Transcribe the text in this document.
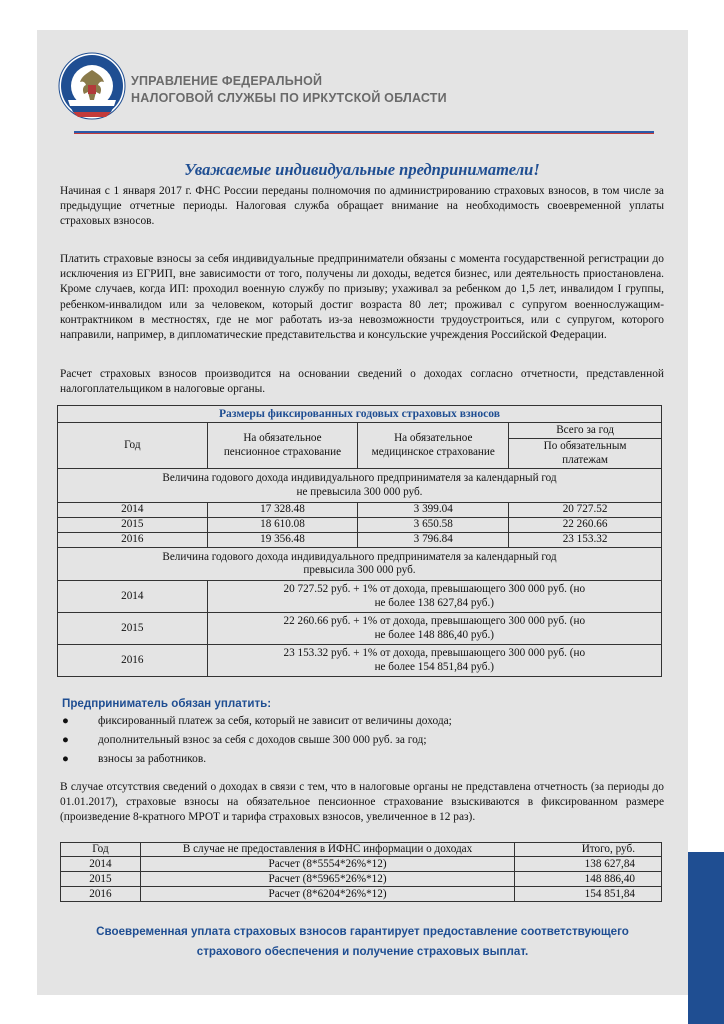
УПРАВЛЕНИЕ ФЕДЕРАЛЬНОЙ
НАЛОГОВОЙ СЛУЖБЫ ПО ИРКУТСКОЙ ОБЛАСТИ
Уважаемые индивидуальные предприниматели!

Начиная с 1 января 2017 г. ФНС России переданы полномочия по администрированию страховых взносов, в том числе за предыдущие отчетные периоды. Налоговая служба обращает внимание на необходимость своевременной уплаты страховых взносов.

Платить страховые взносы за себя индивидуальные предприниматели обязаны с момента государственной регистрации до исключения из ЕГРИП, вне зависимости от того, получены ли доходы, ведется бизнес, или деятельность приостановлена. Кроме случаев, когда ИП: проходил военную службу по призыву; ухаживал за ребенком до 1,5 лет, инвалидом I группы, ребенком-инвалидом или за человеком, который достиг возраста 80 лет; проживал с супругом военнослужащим-контрактником в местностях, где не мог работать из-за невозможности трудоустроиться, или с супругом, которого направили, например, в дипломатические представительства и консульские учреждения Российской Федерации.

Расчет страховых взносов производится на основании сведений о доходах согласно отчетности, представленной налогоплательщиком в налоговые органы.

Размеры фиксированных годовых страховых взносов			
Год	На обязательное пенсионное страхование	На обязательное медицинское страхование	Всего за год
			По обязательным платежам
Величина годового дохода индивидуального предпринимателя за календарный год не превысила 300 000 руб.			
2014	17 328.48	3 399.04	20 727.52
2015	18 610.08	3 650.58	22 260.66
2016	19 356.48	3 796.84	23 153.32
Величина годового дохода индивидуального предпринимателя за календарный год превысила 300 000 руб.			
2014	20 727.52 руб. + 1% от дохода, превышающего 300 000 руб. (но не более 138 627,84 руб.)		
2015	22 260.66 руб. + 1% от дохода, превышающего 300 000 руб. (но не более 148 886,40 руб.)		
2016	23 153.32 руб. + 1% от дохода, превышающего 300 000 руб. (но не более 154 851,84 руб.)		
Предприниматель обязан уплатить:
●	фиксированный платеж за себя, который не зависит от величины дохода;
●	дополнительный взнос за себя с доходов свыше 300 000 руб. за год;
●	взносы за работников.

В случае отсутствия сведений о доходах в связи с тем, что в налоговые органы не представлена отчетность (за периоды до 01.01.2017), страховые взносы на обязательное пенсионное страхование взыскиваются в фиксированном размере (произведение 8-кратного МРОТ и тарифа страховых взносов, увеличенное в 12 раз).

Год	В случае не предоставления в ИФНС информации о доходах	Итого, руб.
2014	Расчет (8*5554*26%*12)	138 627,84
2015	Расчет (8*5965*26%*12)	148 886,40
2016	Расчет (8*6204*26%*12)	154 851,84
Своевременная уплата страховых взносов гарантирует предоставление соответствующего страхового обеспечения и получение страховых выплат.
